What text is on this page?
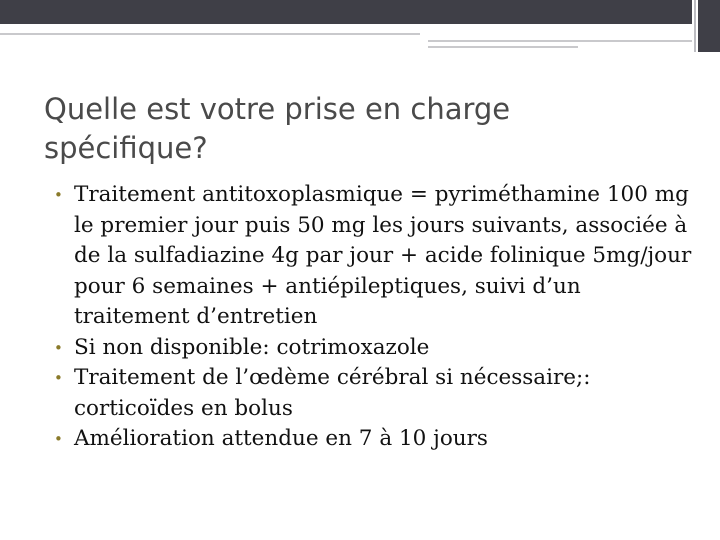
Quelle est votre prise en charge
spécifique?
• Traitement antitoxoplasmique = pyriméthamine 100 mg le premier jour puis 50 mg les jours suivants, associée à de la sulfadiazine 4g par jour + acide folinique 5mg/jour pour 6 semaines + antiépileptiques, suivi d’un traitement d’entretien
• Si non disponible: cotrimoxazole
• Traitement de l’œdème cérébral si nécessaire;: corticoïdes en bolus
• Amélioration attendue en 7 à 10 jours
